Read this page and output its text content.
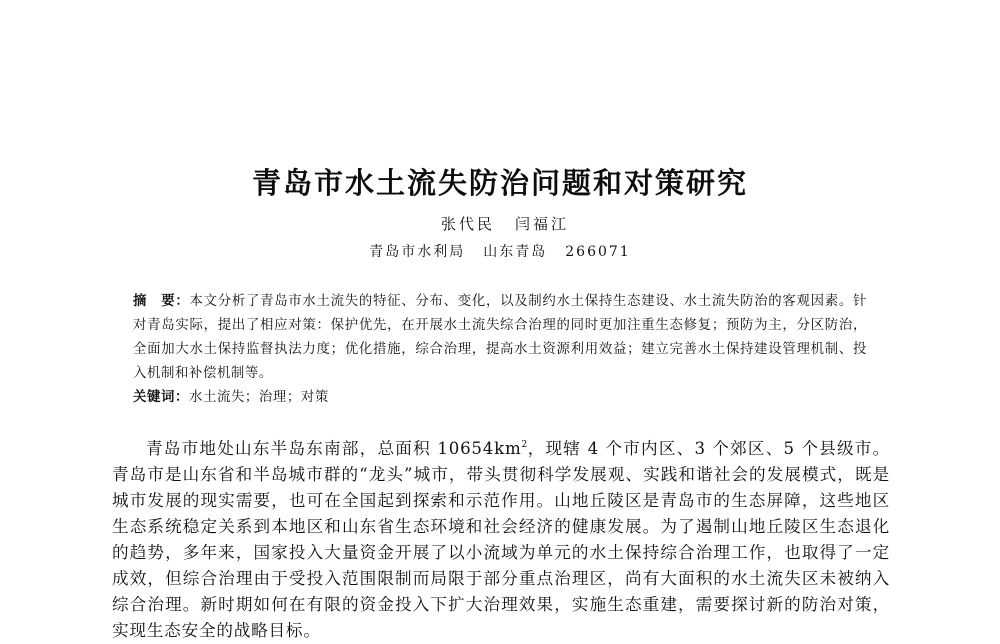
青岛市水土流失防治问题和对策研究
张代民 闫福江
青岛市水利局 山东青岛 266071
摘　要：本文分析了青岛市水土流失的特征、分布、变化，以及制约水土保持生态建设、水土流失防治的客观因素。针对青岛实际，提出了相应对策：保护优先，在开展水土流失综合治理的同时更加注重生态修复；预防为主，分区防治，全面加大水土保持监督执法力度；优化措施，综合治理，提高水土资源利用效益；建立完善水土保持建设管理机制、投入机制和补偿机制等。
关键词：水土流失；治理；对策

青岛市地处山东半岛东南部，总面积 $10654km^2$，现辖 4 个市内区、3 个郊区、5 个县级市。青岛市是山东省和半岛城市群的“龙头”城市，带头贯彻科学发展观、实践和谐社会的发展模式，既是城市发展的现实需要，也可在全国起到探索和示范作用。山地丘陵区是青岛市的生态屏障，这些地区生态系统稳定关系到本地区和山东省生态环境和社会经济的健康发展。为了遏制山地丘陵区生态退化的趋势，多年来，国家投入大量资金开展了以小流域为单元的水土保持综合治理工作，也取得了一定成效，但综合治理由于受投入范围限制而局限于部分重点治理区，尚有大面积的水土流失区未被纳入综合治理。新时期如何在有限的资金投入下扩大治理效果，实施生态重建，需要探讨新的防治对策，实现生态安全的战略目标。
